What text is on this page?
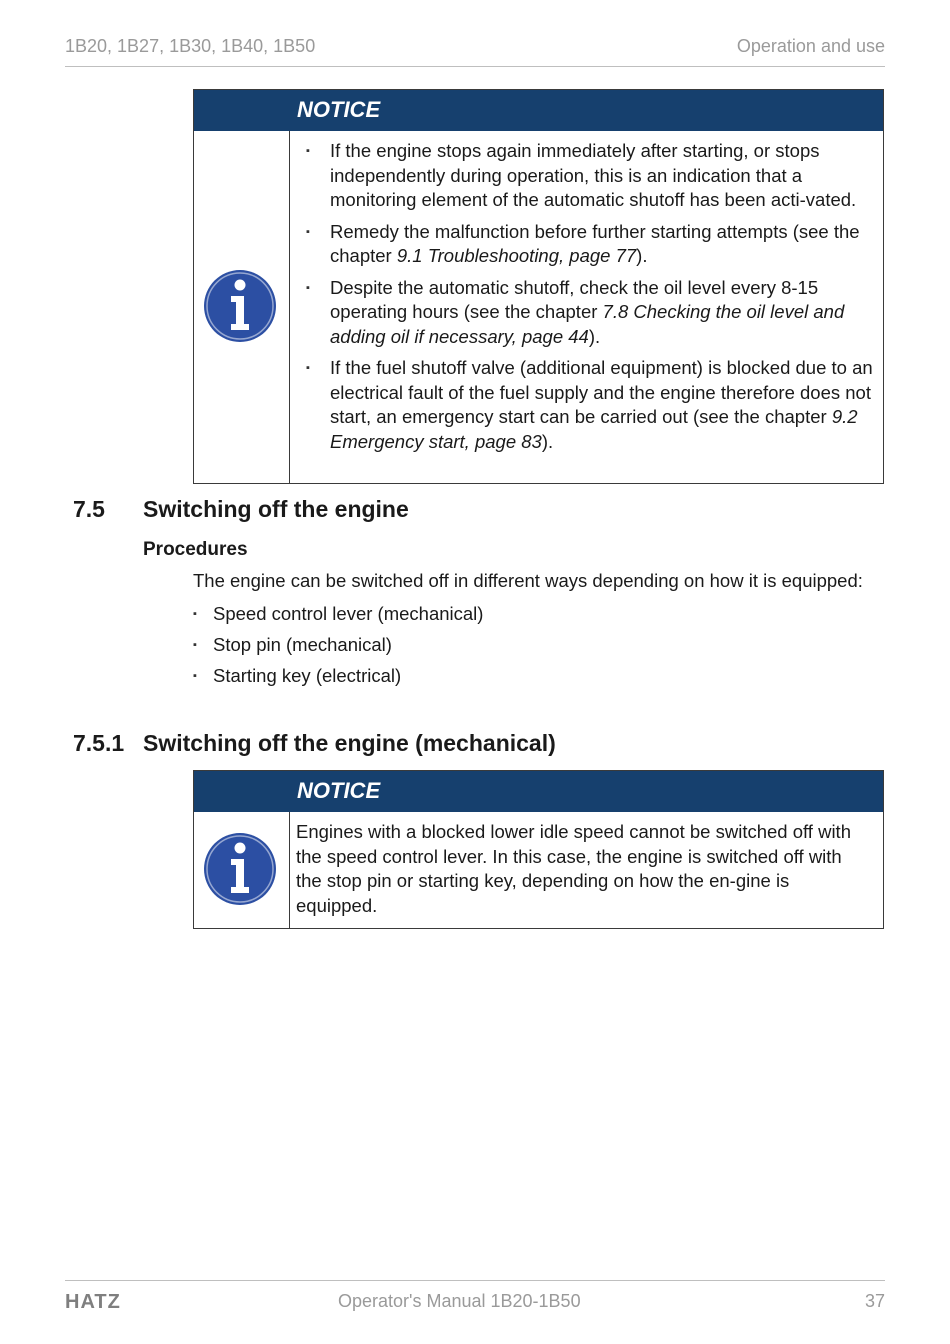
1B20, 1B27, 1B30, 1B40, 1B50	Operation and use
NOTICE
▪ If the engine stops again immediately after starting, or stops independently during operation, this is an indication that a monitoring element of the automatic shutoff has been acti-vated.
▪ Remedy the malfunction before further starting attempts (see the chapter 9.1 Troubleshooting, page 77).
▪ Despite the automatic shutoff, check the oil level every 8-15 operating hours (see the chapter 7.8 Checking the oil level and adding oil if necessary, page 44).
▪ If the fuel shutoff valve (additional equipment) is blocked due to an electrical fault of the fuel supply and the engine therefore does not start, an emergency start can be carried out (see the chapter 9.2 Emergency start, page 83).
7.5 Switching off the engine
Procedures

The engine can be switched off in different ways depending on how it is equipped:

▪ Speed control lever (mechanical)
▪ Stop pin (mechanical)
▪ Starting key (electrical)
7.5.1 Switching off the engine (mechanical)
NOTICE

Engines with a blocked lower idle speed cannot be switched off with the speed control lever. In this case, the engine is switched off with the stop pin or starting key, depending on how the en-gine is equipped.

HATZ	Operator's Manual 1B20-1B50	37
